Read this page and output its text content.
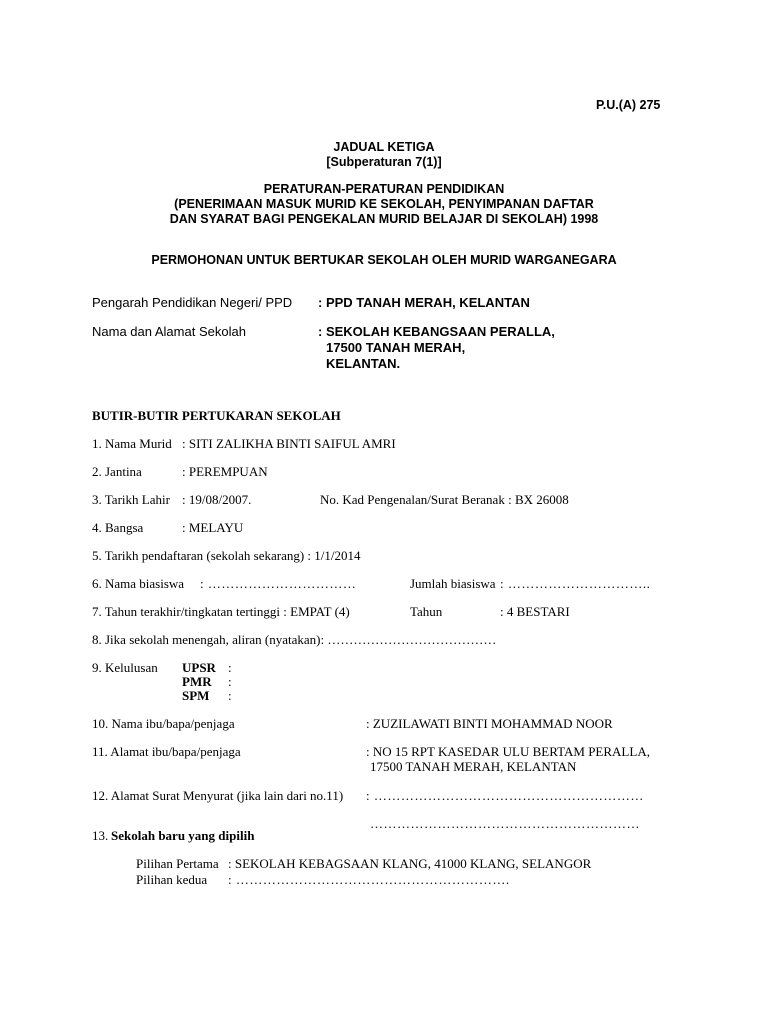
P.U.(A) 275
JADUAL KETIGA
[Subperaturan 7(1)]
PERATURAN-PERATURAN PENDIDIKAN
(PENERIMAAN MASUK MURID KE SEKOLAH, PENYIMPANAN DAFTAR
DAN SYARAT BAGI PENGEKALAN MURID BELAJAR DI SEKOLAH) 1998
PERMOHONAN UNTUK BERTUKAR SEKOLAH OLEH MURID WARGANEGARA
Pengarah Pendidikan Negeri/ PPD : PPD TANAH MERAH, KELANTAN
Nama dan Alamat Sekolah	: SEKOLAH KEBANGSAAN PERALLA,
17500 TANAH MERAH,
KELANTAN.
BUTIR-BUTIR PERTUKARAN SEKOLAH
1. Nama Murid : SITI ZALIKHA BINTI SAIFUL AMRI
2. Jantina	: PEREMPUAN
3. Tarikh Lahir : 19/08/2007.	No. Kad Pengenalan/Surat Beranak : BX 26008
4. Bangsa	: MELAYU
5. Tarikh pendaftaran (sekolah sekarang) : 1/1/2014
6. Nama biasiswa : ……………………………	Jumlah biasiswa : …………………………..
7. Tahun terakhir/tingkatan tertinggi : EMPAT (4)	Tahun	: 4 BESTARI
8. Jika sekolah menengah, aliran (nyatakan): …………………………………
9. Kelulusan UPSR :
PMR :
SPM :
10. Nama ibu/bapa/penjaga	: ZUZILAWATI BINTI MOHAMMAD NOOR
11. Alamat ibu/bapa/penjaga	: NO 15 RPT KASEDAR ULU BERTAM PERALLA,
17500 TANAH MERAH, KELANTAN
12. Alamat Surat Menyurat (jika lain dari no.11) : ……………………………………………………
……………………………………………………
13. Sekolah baru yang dipilih
Pilihan Pertama : SEKOLAH KEBAGSAAN KLANG, 41000 KLANG, SELANGOR
Pilihan kedua : …………………………………………………….
